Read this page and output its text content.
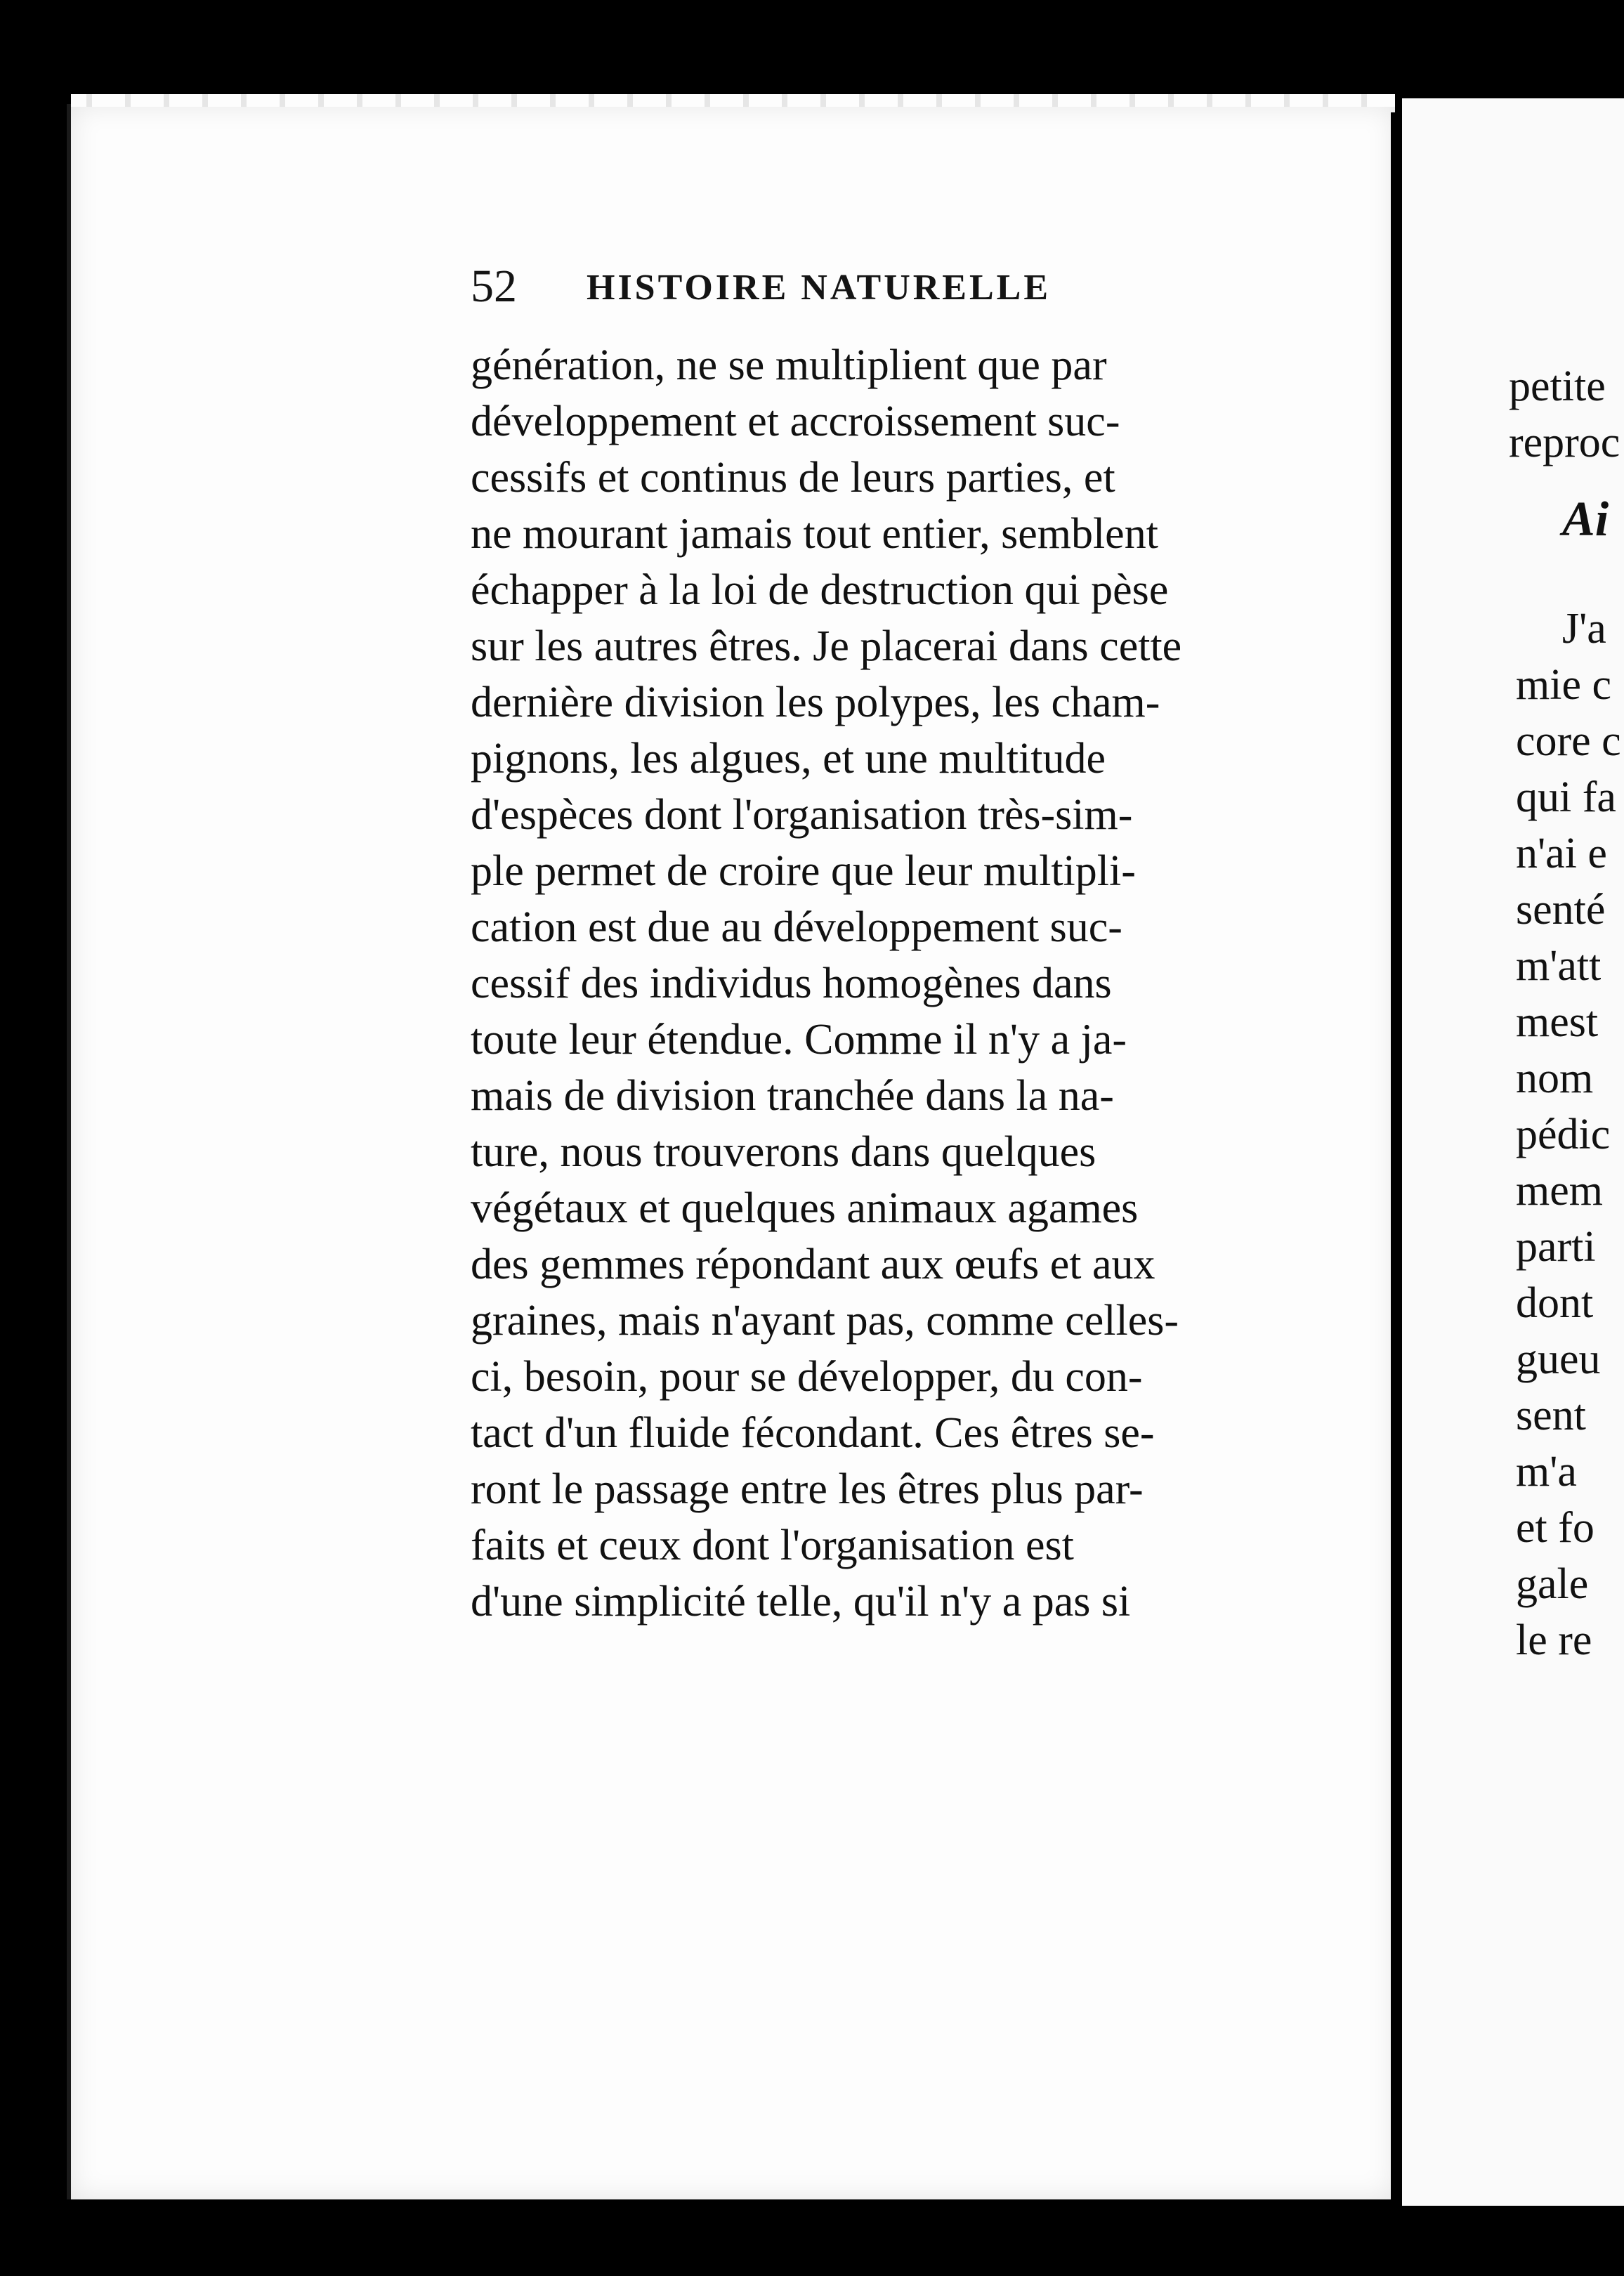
petite
reproc
Ai
J'a
mie c
core c
qui fa
n'ai e
senté
m'att
mest
nom
pédic
mem
parti
dont
gueu
sent
m'a
et fo
gale
le re
52 HISTOIRE NATURELLE
génération, ne se multiplient que par
développement et accroissement suc-
cessifs et continus de leurs parties, et
ne mourant jamais tout entier, semblent
échapper à la loi de destruction qui pèse
sur les autres êtres. Je placerai dans cette
dernière division les polypes, les cham-
pignons, les algues, et une multitude
d'espèces dont l'organisation très-sim-
ple permet de croire que leur multipli-
cation est due au développement suc-
cessif des individus homogènes dans
toute leur étendue. Comme il n'y a ja-
mais de division tranchée dans la na-
ture, nous trouverons dans quelques
végétaux et quelques animaux agames
des gemmes répondant aux œufs et aux
graines, mais n'ayant pas, comme celles-
ci, besoin, pour se développer, du con-
tact d'un fluide fécondant. Ces êtres se-
ront le passage entre les êtres plus par-
faits et ceux dont l'organisation est
d'une simplicité telle, qu'il n'y a pas si
